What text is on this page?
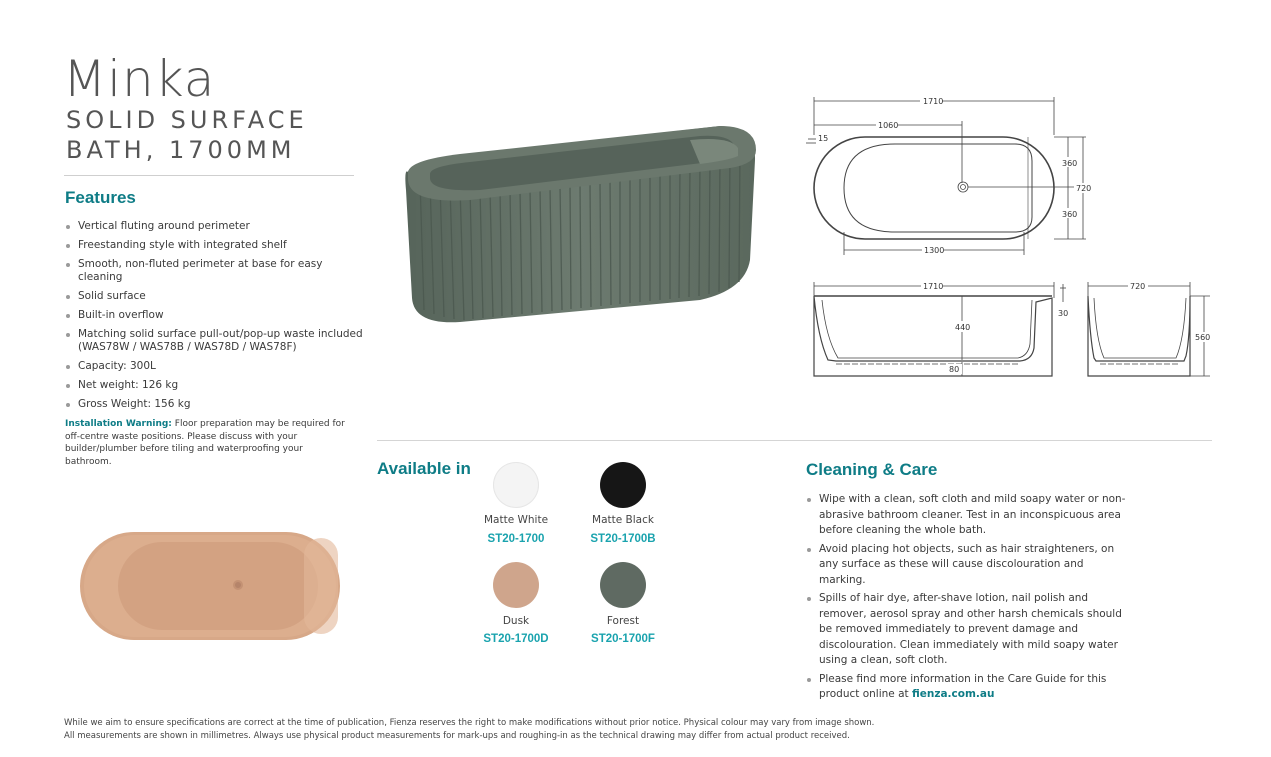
Minka
SOLID SURFACE
BATH, 1700MM
Features
Vertical fluting around perimeter
Freestanding style with integrated shelf
Smooth, non-fluted perimeter at base for easy cleaning
Solid surface
Built-in overflow
Matching solid surface pull-out/pop-up waste included (WAS78W / WAS78B / WAS78D / WAS78F)
Capacity: 300L
Net weight: 126 kg
Gross Weight: 156 kg
Installation Warning: Floor preparation may be required for off-centre waste positions. Please discuss with your builder/plumber before tiling and waterproofing your bathroom.
1710
1060
15
360
720
360
1300
1710
440
30
80
720
560
Available in
Matte White
ST20-1700
Matte Black
ST20-1700B
Dusk
ST20-1700D
Forest
ST20-1700F
Cleaning & Care
Wipe with a clean, soft cloth and mild soapy water or non-abrasive bathroom cleaner. Test in an inconspicuous area before cleaning the whole bath.
Avoid placing hot objects, such as hair straighteners, on any surface as these will cause discolouration and marking.
Spills of hair dye, after-shave lotion, nail polish and remover, aerosol spray and other harsh chemicals should be removed immediately to prevent damage and discolouration. Clean immediately with mild soapy water using a clean, soft cloth.
Please find more information in the Care Guide for this product online at fienza.com.au
While we aim to ensure specifications are correct at the time of publication, Fienza reserves the right to make modifications without prior notice. Physical colour may vary from image shown.
All measurements are shown in millimetres. Always use physical product measurements for mark-ups and roughing-in as the technical drawing may differ from actual product received.
